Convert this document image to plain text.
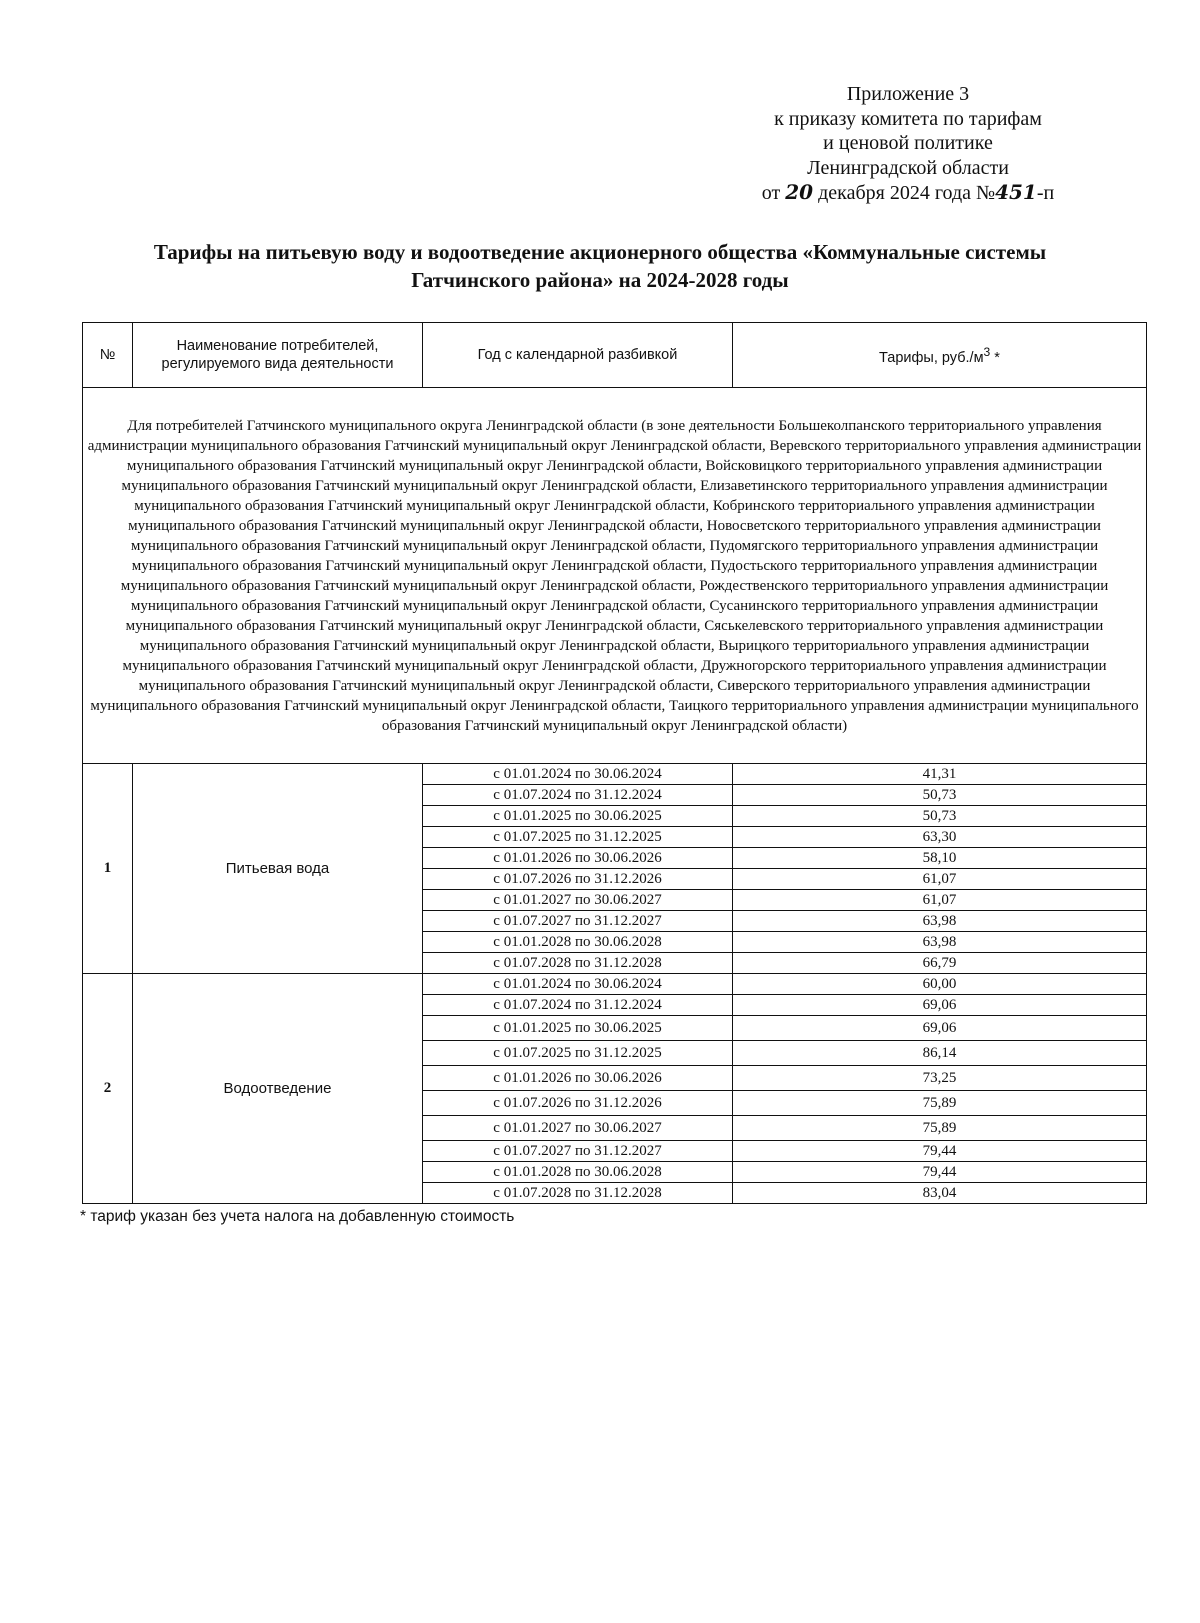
Приложение 3
к приказу комитета по тарифам
и ценовой политике
Ленинградской области
от 20 декабря 2024 года №451-п
Тарифы на питьевую воду и водоотведение акционерного общества «Коммунальные системы
Гатчинского района» на 2024-2028 годы
№	Наименование потребителей, регулируемого вида деятельности	Год с календарной разбивкой	Тарифы, $руб./м^3$ *
Для потребителей Гатчинского муниципального округа Ленинградской области (в зоне деятельности Большеколпанского территориального управления администрации муниципального образования Гатчинский муниципальный округ Ленинградской области, Веревского территориального управления администрации муниципального образования Гатчинский муниципальный округ Ленинградской области, Войсковицкого территориального управления администрации муниципального образования Гатчинский муниципальный округ Ленинградской области, Елизаветинского территориального управления администрации муниципального образования Гатчинский муниципальный округ Ленинградской области, Кобринского территориального управления администрации муниципального образования Гатчинский муниципальный округ Ленинградской области, Новосветского территориального управления администрации муниципального образования Гатчинский муниципальный округ Ленинградской области, Пудомягского территориального управления администрации муниципального образования Гатчинский муниципальный округ Ленинградской области, Пудостьского территориального управления администрации муниципального образования Гатчинский муниципальный округ Ленинградской области, Рождественского территориального управления администрации муниципального образования Гатчинский муниципальный округ Ленинградской области, Сусанинского территориального управления администрации муниципального образования Гатчинский муниципальный округ Ленинградской области, Сяськелевского территориального управления администрации муниципального образования Гатчинский муниципальный округ Ленинградской области, Вырицкого территориального управления администрации муниципального образования Гатчинский муниципальный округ Ленинградской области, Дружногорского территориального управления администрации муниципального образования Гатчинский муниципальный округ Ленинградской области, Сиверского территориального управления администрации муниципального образования Гатчинский муниципальный округ Ленинградской области, Таицкого территориального управления администрации муниципального образования Гатчинский муниципальный округ Ленинградской области)			
1	Питьевая вода	с 01.01.2024 по 30.06.2024	41,31
		с 01.07.2024 по 31.12.2024	50,73
		с 01.01.2025 по 30.06.2025	50,73
		с 01.07.2025 по 31.12.2025	63,30
		с 01.01.2026 по 30.06.2026	58,10
		с 01.07.2026 по 31.12.2026	61,07
		с 01.01.2027 по 30.06.2027	61,07
		с 01.07.2027 по 31.12.2027	63,98
		с 01.01.2028 по 30.06.2028	63,98
		с 01.07.2028 по 31.12.2028	66,79
2	Водоотведение	с 01.01.2024 по 30.06.2024	60,00
		с 01.07.2024 по 31.12.2024	69,06
		с 01.01.2025 по 30.06.2025	69,06
		с 01.07.2025 по 31.12.2025	86,14
		с 01.01.2026 по 30.06.2026	73,25
		с 01.07.2026 по 31.12.2026	75,89
		с 01.01.2027 по 30.06.2027	75,89
		с 01.07.2027 по 31.12.2027	79,44
		с 01.01.2028 по 30.06.2028	79,44
		с 01.07.2028 по 31.12.2028	83,04
* тариф указан без учета налога на добавленную стоимость
